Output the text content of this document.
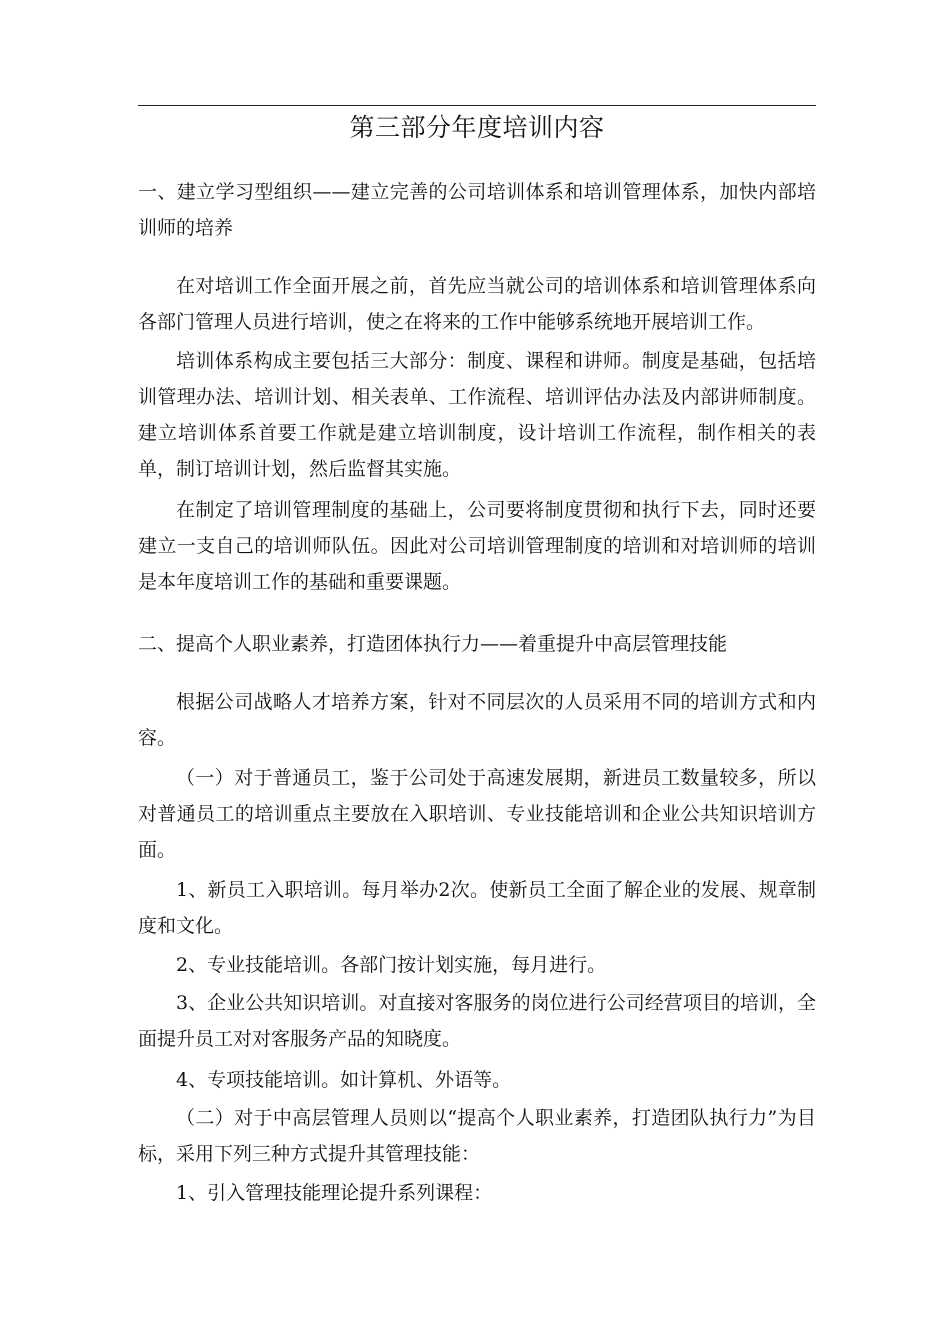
第三部分年度培训内容

一、建立学习型组织——建立完善的公司培训体系和培训管理体系，加快内部培训师的培养

在对培训工作全面开展之前，首先应当就公司的培训体系和培训管理体系向各部门管理人员进行培训，使之在将来的工作中能够系统地开展培训工作。

培训体系构成主要包括三大部分：制度、课程和讲师。制度是基础，包括培训管理办法、培训计划、相关表单、工作流程、培训评估办法及内部讲师制度。建立培训体系首要工作就是建立培训制度，设计培训工作流程，制作相关的表单，制订培训计划，然后监督其实施。

在制定了培训管理制度的基础上，公司要将制度贯彻和执行下去，同时还要建立一支自己的培训师队伍。因此对公司培训管理制度的培训和对培训师的培训是本年度培训工作的基础和重要课题。

二、提高个人职业素养，打造团体执行力——着重提升中高层管理技能

根据公司战略人才培养方案，针对不同层次的人员采用不同的培训方式和内容。

（一）对于普通员工，鉴于公司处于高速发展期，新进员工数量较多，所以对普通员工的培训重点主要放在入职培训、专业技能培训和企业公共知识培训方面。

1、新员工入职培训。每月举办2次。使新员工全面了解企业的发展、规章制度和文化。

2、专业技能培训。各部门按计划实施，每月进行。

3、企业公共知识培训。对直接对客服务的岗位进行公司经营项目的培训，全面提升员工对对客服务产品的知晓度。

4、专项技能培训。如计算机、外语等。

（二）对于中高层管理人员则以“提高个人职业素养，打造团队执行力”为目标，采用下列三种方式提升其管理技能：

1、引入管理技能理论提升系列课程：
